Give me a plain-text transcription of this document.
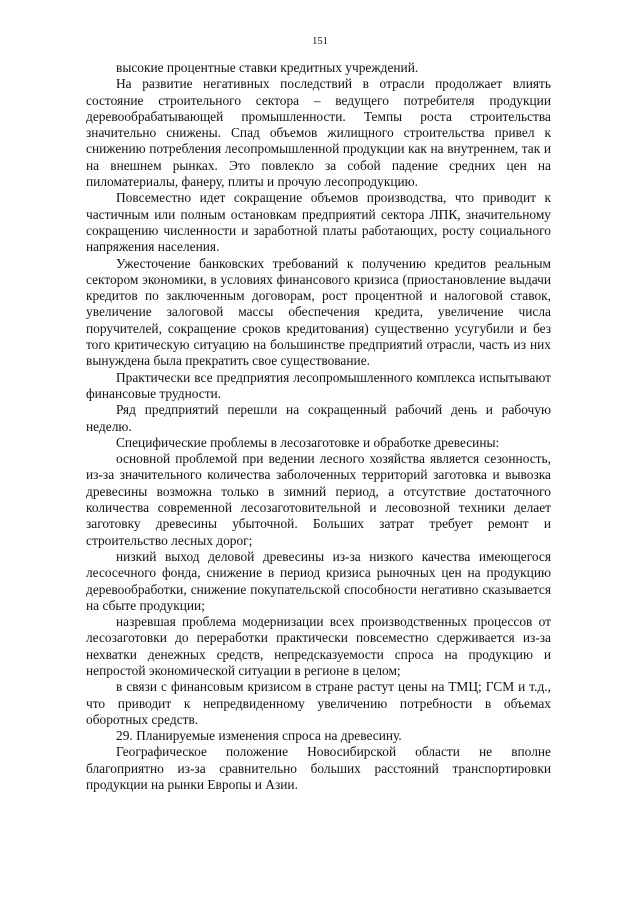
151

высокие процентные ставки кредитных учреждений.

На развитие негативных последствий в отрасли продолжает влиять состояние строительного сектора – ведущего потребителя продукции деревообрабатывающей промышленности. Темпы роста строительства значительно снижены. Спад объемов жилищного строительства привел к снижению потребления лесопромышленной продукции как на внутреннем, так и на внешнем рынках. Это повлекло за собой падение средних цен на пиломатериалы, фанеру, плиты и прочую лесопродукцию.

Повсеместно идет сокращение объемов производства, что приводит к частичным или полным остановкам предприятий сектора ЛПК, значительному сокращению численности и заработной платы работающих, росту социального напряжения населения.

Ужесточение банковских требований к получению кредитов реальным сектором экономики, в условиях финансового кризиса (приостановление выдачи кредитов по заключенным договорам, рост процентной и налоговой ставок, увеличение залоговой массы обеспечения кредита, увеличение числа поручителей, сокращение сроков кредитования) существенно усугубили и без того критическую ситуацию на большинстве предприятий отрасли, часть из них вынуждена была прекратить свое существование.

Практически все предприятия лесопромышленного комплекса испытывают финансовые трудности.

Ряд предприятий перешли на сокращенный рабочий день и рабочую неделю.

Специфические проблемы в лесозаготовке и обработке древесины:

основной проблемой при ведении лесного хозяйства является сезонность, из-за значительного количества заболоченных территорий заготовка и вывозка древесины возможна только в зимний период, а отсутствие достаточного количества современной лесозаготовительной и лесовозной техники делает заготовку древесины убыточной. Больших затрат требует ремонт и строительство лесных дорог;

низкий выход деловой древесины из-за низкого качества имеющегося лесосечного фонда, снижение в период кризиса рыночных цен на продукцию деревообработки, снижение покупательской способности негативно сказывается на сбыте продукции;

назревшая проблема модернизации всех производственных процессов от лесозаготовки до переработки практически повсеместно сдерживается из-за нехватки денежных средств, непредсказуемости спроса на продукцию и непростой экономической ситуации в регионе в целом;

в связи с финансовым кризисом в стране растут цены на ТМЦ; ГСМ и т.д., что приводит к непредвиденному увеличению потребности в объемах оборотных средств.

29. Планируемые изменения спроса на древесину.

Географическое положение Новосибирской области не вполне благоприятно из-за сравнительно больших расстояний транспортировки продукции на рынки Европы и Азии.
